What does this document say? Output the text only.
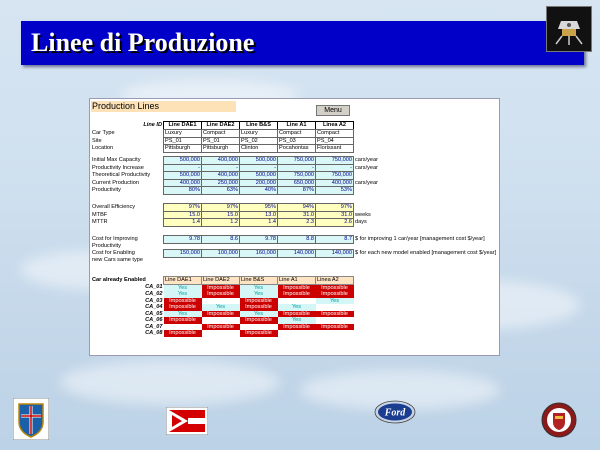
Linee di Produzione
Production Lines	Menu
Line ID	Line DAE1	Line DAE2	Line B&S	Line A1	Linea A2	
Car Type	Luxury	Compact	Luxury	Compact	Compact	
Site	PS_01	PS_01	PS_02	PS_03	PS_04	
Location	Pittsburgh	Pittsburgh	Clinton	Pocahontas	Florissant	
Initial Max Capacity	500,000	400,000	500,000	750,000	750,000	cars/year
Productivity Increase	-	-	-	-	-	cars/year
Theoretical Productivity	500,000	400,000	500,000	750,000	750,000	
Current Production	400,000	250,000	200,000	650,000	400,000	cars/year
Productivity	80%	63%	40%	87%	53%	
Overall Efficiency	97%	97%	95%	94%	97%	
MTBF	15.0	15.0	13.0	31.0	31.0	weeks
MTTR	1.4	1.2	1.4	2.3	2.6	days
Cost for Improving	9.78	8.6	9.78	8.8	8.7	$ for improving 1 car/year [management cost $/year]
Productivity						
Cost for Enabling	150,000	100,000	160,000	140,000	140,000	$ for each new model enabled [management cost $/year]
new Cars same type						
Car already Enabled	Line DAE1	Line DAE2	Line B&S	Line A1	Linea A2
CA_01	Yes	Impossible	Yes	Impossible	Impossible
CA_02	Yes	Impossible	Yes	Impossible	Impossible
CA_03	Impossible		Impossible		Yes
CA_04	Impossible	Yes	Impossible	Yes	
CA_05	Yes	Impossible	Yes	Impossible	Impossible
CA_06	Impossible		Impossible	Yes	
CA_07		Impossible		Impossible	Impossible
CA_08	Impossible		Impossible		
Ford
